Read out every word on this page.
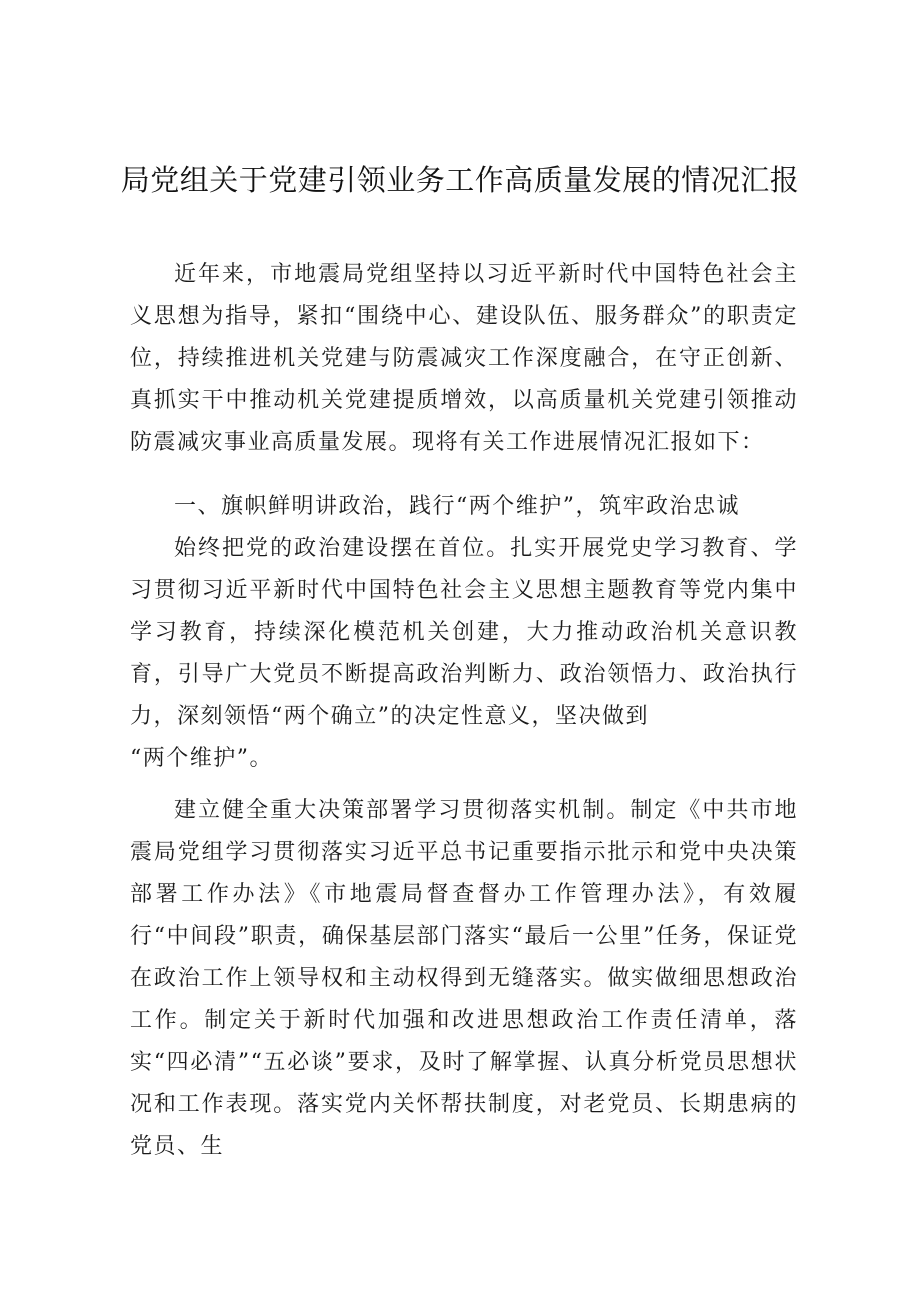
局党组关于党建引领业务工作高质量发展的情况汇报

近年来，市地震局党组坚持以习近平新时代中国特色社会主义思想为指导，紧扣“围绕中心、建设队伍、服务群众”的职责定位，持续推进机关党建与防震减灾工作深度融合，在守正创新、真抓实干中推动机关党建提质增效，以高质量机关党建引领推动防震减灾事业高质量发展。现将有关工作进展情况汇报如下：

一、旗帜鲜明讲政治，践行“两个维护”，筑牢政治忠诚

始终把党的政治建设摆在首位。扎实开展党史学习教育、学习贯彻习近平新时代中国特色社会主义思想主题教育等党内集中学习教育，持续深化模范机关创建，大力推动政治机关意识教育，引导广大党员不断提高政治判断力、政治领悟力、政治执行力，深刻领悟“两个确立”的决定性意义，坚决做到

“两个维护”。

建立健全重大决策部署学习贯彻落实机制。制定《中共市地震局党组学习贯彻落实习近平总书记重要指示批示和党中央决策部署工作办法》《市地震局督查督办工作管理办法》，有效履行“中间段”职责，确保基层部门落实“最后一公里”任务，保证党在政治工作上领导权和主动权得到无缝落实。做实做细思想政治工作。制定关于新时代加强和改进思想政治工作责任清单，落实“四必清”“五必谈”要求，及时了解掌握、认真分析党员思想状况和工作表现。落实党内关怀帮扶制度，对老党员、长期患病的党员、生
